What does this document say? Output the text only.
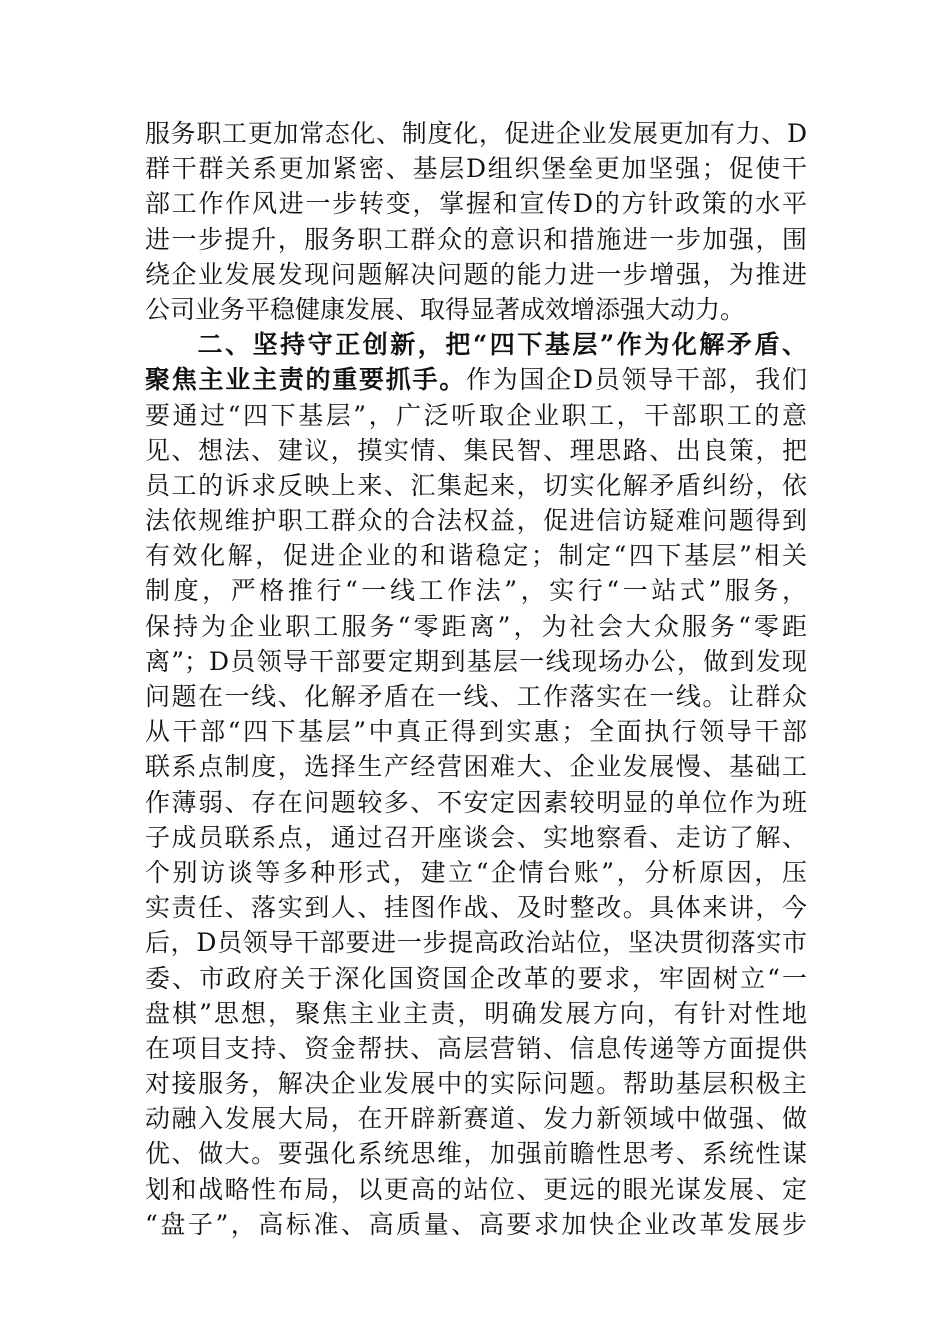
服务职工更加常态化、制度化，促进企业发展更加有力、D
群干群关系更加紧密、基层D组织堡垒更加坚强；促使干
部工作作风进一步转变，掌握和宣传D的方针政策的水平
进一步提升，服务职工群众的意识和措施进一步加强，围
绕企业发展发现问题解决问题的能力进一步增强，为推进
公司业务平稳健康发展、取得显著成效增添强大动力。
二、坚持守正创新，把“四下基层”作为化解矛盾、
聚焦主业主责的重要抓手。作为国企D员领导干部，我们
要通过“四下基层”，广泛听取企业职工，干部职工的意
见、想法、建议，摸实情、集民智、理思路、出良策，把
员工的诉求反映上来、汇集起来，切实化解矛盾纠纷，依
法依规维护职工群众的合法权益，促进信访疑难问题得到
有效化解，促进企业的和谐稳定；制定“四下基层”相关
制度，严格推行“一线工作法”，实行“一站式”服务，
保持为企业职工服务“零距离”，为社会大众服务“零距
离”；D员领导干部要定期到基层一线现场办公，做到发现
问题在一线、化解矛盾在一线、工作落实在一线。让群众
从干部“四下基层”中真正得到实惠；全面执行领导干部
联系点制度，选择生产经营困难大、企业发展慢、基础工
作薄弱、存在问题较多、不安定因素较明显的单位作为班
子成员联系点，通过召开座谈会、实地察看、走访了解、
个别访谈等多种形式，建立“企情台账”，分析原因，压
实责任、落实到人、挂图作战、及时整改。具体来讲，今
后，D员领导干部要进一步提高政治站位，坚决贯彻落实市
委、市政府关于深化国资国企改革的要求，牢固树立“一
盘棋”思想，聚焦主业主责，明确发展方向，有针对性地
在项目支持、资金帮扶、高层营销、信息传递等方面提供
对接服务，解决企业发展中的实际问题。帮助基层积极主
动融入发展大局，在开辟新赛道、发力新领域中做强、做
优、做大。要强化系统思维，加强前瞻性思考、系统性谋
划和战略性布局，以更高的站位、更远的眼光谋发展、定
“盘子”，高标准、高质量、高要求加快企业改革发展步
